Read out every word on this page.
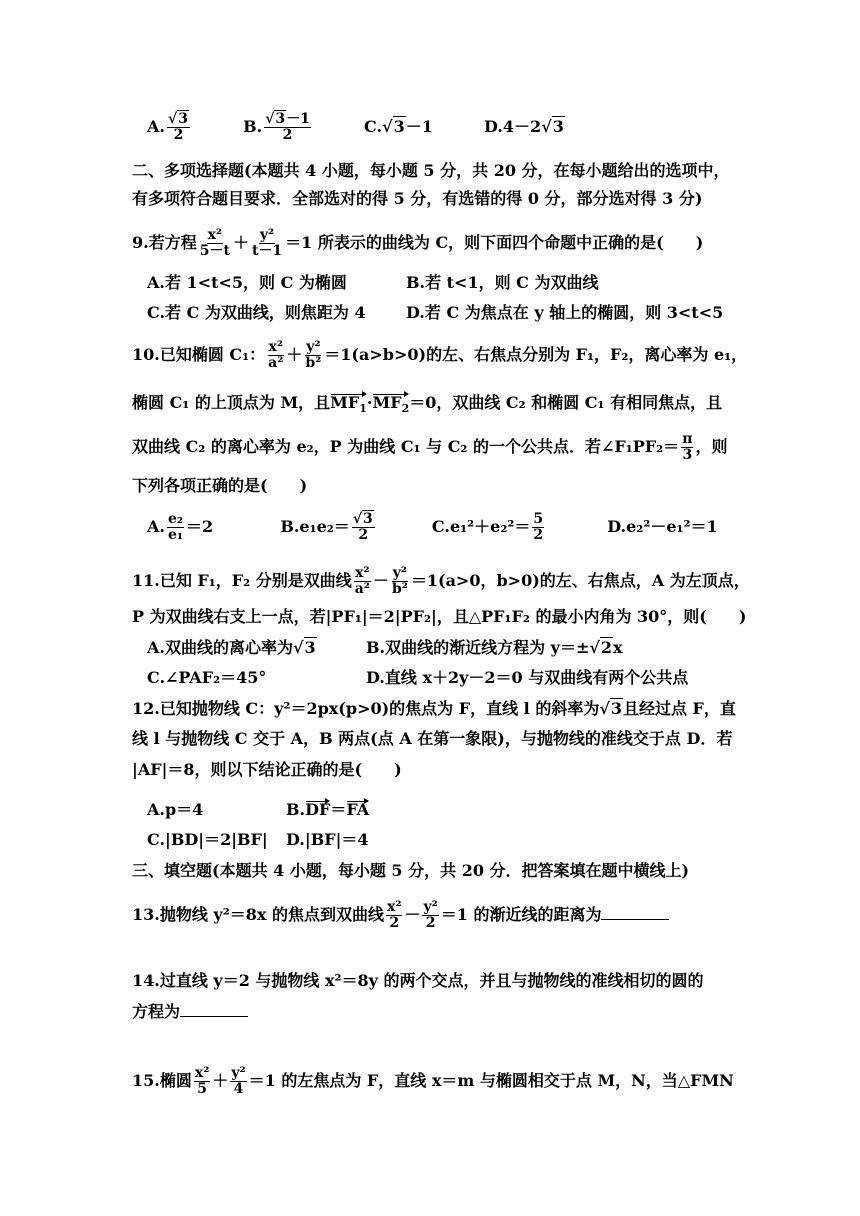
A. $\frac{√3}{2}$	B. $\frac{√3-1}{2}$	C.√3－1	D.4－2√3
二、多项选择题(本题共 4 小题，每小题 5 分，共 20 分，在每小题给出的选项中，
有多项符合题目要求．全部选对的得 5 分，有选错的得 0 分，部分选对得 3 分)
9.若方程 $\frac{\text{x²}}{5-t} + \frac{\text{y²}}{t-1} =1$ 所表示的曲线为 C，则下面四个命题中正确的是(　　)
A.若 1<t<5，则 C 为椭圆	B.若 t<1，则 C 为双曲线
C.若 C 为双曲线，则焦距为 4	D.若 C 为焦点在 y 轴上的椭圆，则 3<t<5
10.已知椭圆 C₁： $\frac{\text{x²}}{\text{a²}} + \frac{\text{y²}}{\text{b²}} =1(a>b>0)$的左、右焦点分别为 F₁，F₂，离心率为 e₁，
椭圆 C₁ 的上顶点为 M，且$MF_1\cdot MF_2=0$，双曲线 C₂ 和椭圆 C₁ 有相同焦点，且
双曲线 C₂ 的离心率为 e₂，P 为曲线 C₁ 与 C₂ 的一个公共点．若∠F₁PF₂＝ $\frac{\pi}{3}$ ，则
下列各项正确的是(　　)
A. $\frac{\text{e₂}}{\text{e₁}} =2$	$B.e_1e_2= \frac{√3}{2}$	$C.e_1^2+e_2^2= \frac{5}{2}$	D.e₂²－e₁²＝1
11.已知 F₁，F₂ 分别是双曲线 $\frac{\text{x²}}{\text{a²}} - \frac{\text{y²}}{\text{b²}} =1(a>0$，b>0)的左、右焦点，A 为左顶点，
P 为双曲线右支上一点，若|PF₁|＝2|PF₂|，且△PF₁F₂ 的最小内角为 30°，则(　　)
A.双曲线的离心率为√3	B.双曲线的渐近线方程为 y＝±√2x
C.∠PAF₂＝45°	D.直线 x＋2y－2＝0 与双曲线有两个公共点
12.已知抛物线 C：y²＝2px(p>0)的焦点为 F，直线 l 的斜率为√3且经过点 F，直
线 l 与抛物线 C 交于 A，B 两点(点 A 在第一象限)，与抛物线的准线交于点 D．若
|AF|＝8，则以下结论正确的是(　　)
A.p＝4	B.DF＝FA
C.|BD|＝2|BF| D.|BF|＝4
三、填空题(本题共 4 小题，每小题 5 分，共 20 分．把答案填在题中横线上)
13.抛物线 y²＝8x 的焦点到双曲线 $\frac{\text{x²}}{2} - \frac{\text{y²}}{2} =1$ 的渐近线的距离为
14.过直线 y＝2 与抛物线 x²＝8y 的两个交点，并且与抛物线的准线相切的圆的
方程为
15.椭圆 $\frac{\text{x²}}{5} + \frac{\text{y²}}{4} =1$ 的左焦点为 F，直线 x＝m 与椭圆相交于点 M，N，当△FMN
